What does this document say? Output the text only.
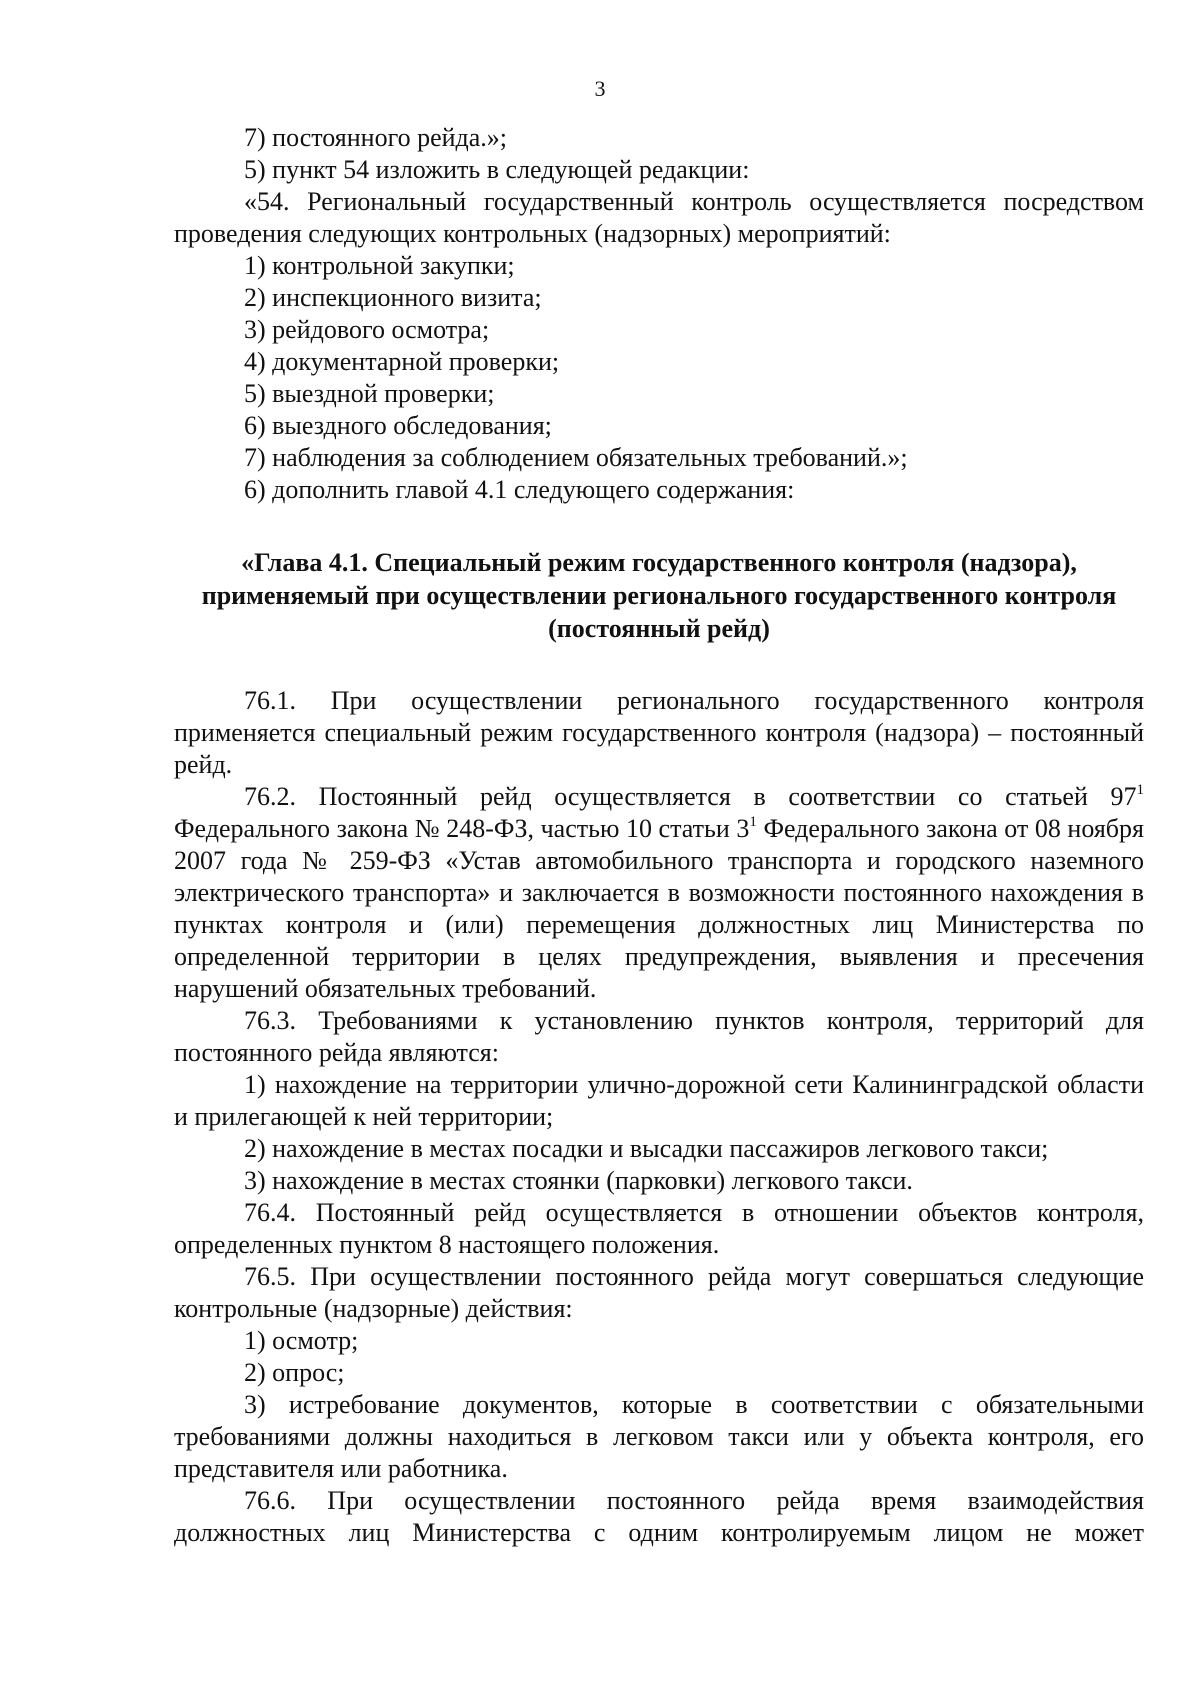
3

7) постоянного рейда.»;

5) пункт 54 изложить в следующей редакции:

«54. Региональный государственный контроль осуществляется посредством проведения следующих контрольных (надзорных) мероприятий:

1) контрольной закупки;

2) инспекционного визита;

3) рейдового осмотра;

4) документарной проверки;

5) выездной проверки;

6) выездного обследования;

7) наблюдения за соблюдением обязательных требований.»;

6) дополнить главой 4.1 следующего содержания:

«Глава 4.1. Специальный режим государственного контроля (надзора), применяемый при осуществлении регионального государственного контроля (постоянный рейд)

76.1. При осуществлении регионального государственного контроля применяется специальный режим государственного контроля (надзора) – постоянный рейд.

76.2. Постоянный рейд осуществляется в соответствии со статьей $97^1$ Федерального закона № 248-ФЗ, частью 10 статьи $3^1$ Федерального закона от 08 ноября 2007 года № 259-ФЗ «Устав автомобильного транспорта и городского наземного электрического транспорта» и заключается в возможности постоянного нахождения в пунктах контроля и (или) перемещения должностных лиц Министерства по определенной территории в целях предупреждения, выявления и пресечения нарушений обязательных требований.

76.3. Требованиями к установлению пунктов контроля, территорий для постоянного рейда являются:

1) нахождение на территории улично-дорожной сети Калининградской области и прилегающей к ней территории;

2) нахождение в местах посадки и высадки пассажиров легкового такси;

3) нахождение в местах стоянки (парковки) легкового такси.

76.4. Постоянный рейд осуществляется в отношении объектов контроля, определенных пунктом 8 настоящего положения.

76.5. При осуществлении постоянного рейда могут совершаться следующие контрольные (надзорные) действия:

1) осмотр;

2) опрос;

3) истребование документов, которые в соответствии с обязательными требованиями должны находиться в легковом такси или у объекта контроля, его представителя или работника.

76.6. При осуществлении постоянного рейда время взаимодействия должностных лиц Министерства с одним контролируемым лицом не может
